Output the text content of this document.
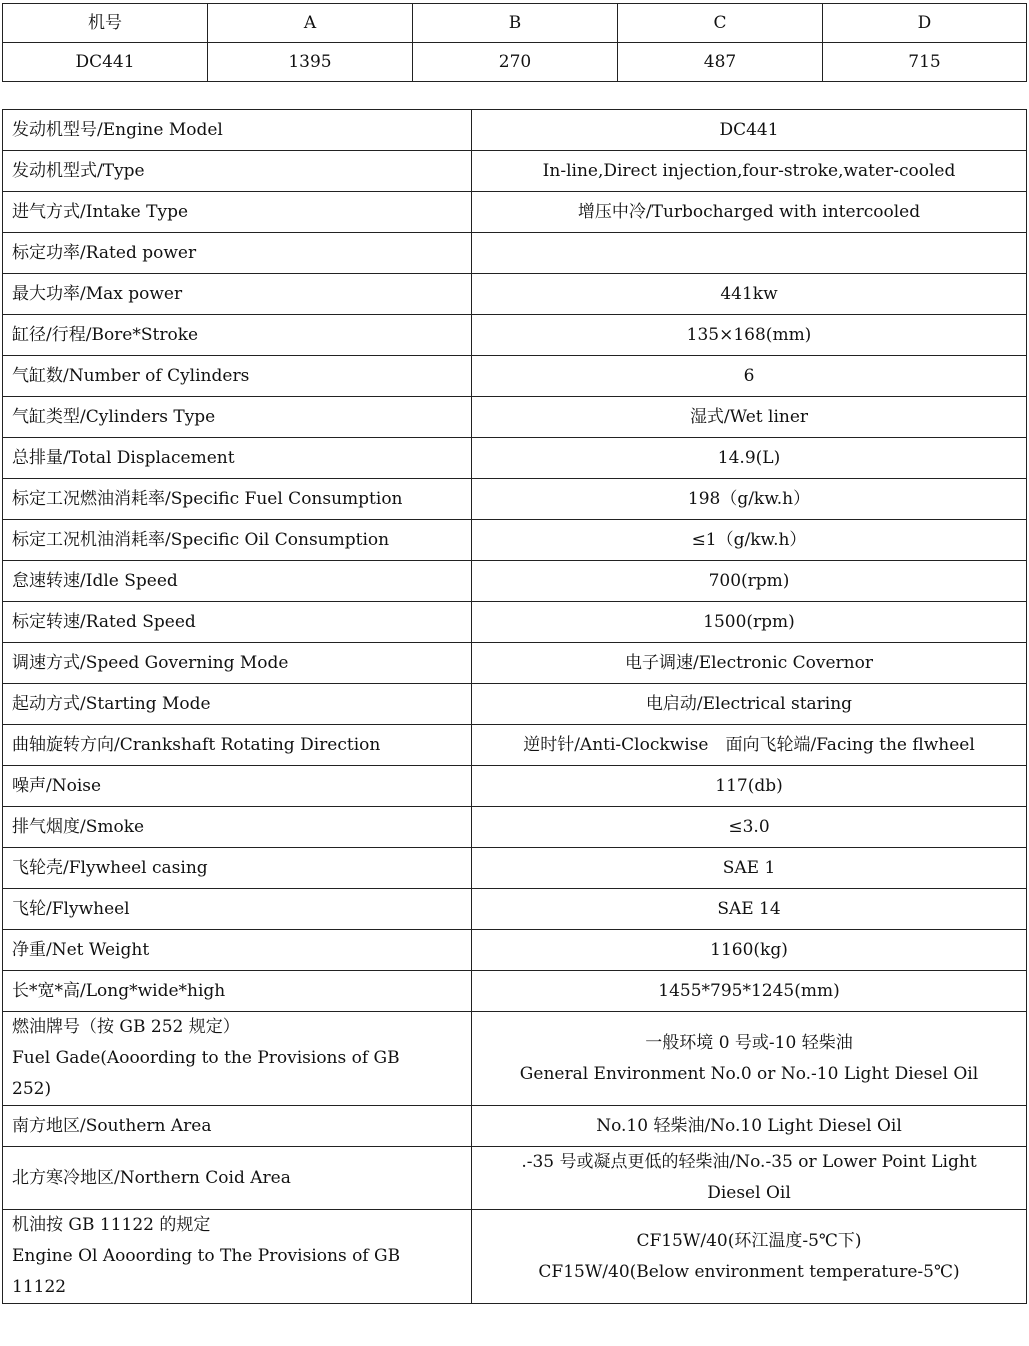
机号	A	B	C	D
DC441	1395	270	487	715
发动机型号/Engine Model	DC441
发动机型式/Type	In-line,Direct injection,four-stroke,water-cooled
进气方式/Intake Type	增压中冷/Turbocharged with intercooled
标定功率/Rated power	
最大功率/Max power	441kw
缸径/行程/Bore*Stroke	135×168(mm)
气缸数/Number of Cylinders	6
气缸类型/Cylinders Type	湿式/Wet liner
总排量/Total Displacement	14.9(L)
标定工况燃油消耗率/Specific Fuel Consumption	198（g/kw.h）
标定工况机油消耗率/Specific Oil Consumption	≤1（g/kw.h）
怠速转速/Idle Speed	700(rpm)
标定转速/Rated Speed	1500(rpm)
调速方式/Speed Governing Mode	电子调速/Electronic Covernor
起动方式/Starting Mode	电启动/Electrical staring
曲轴旋转方向/Crankshaft Rotating Direction	逆时针/Anti-Clockwise　面向飞轮端/Facing the flwheel
噪声/Noise	117(db)
排气烟度/Smoke	≤3.0
飞轮壳/Flywheel casing	SAE 1
飞轮/Flywheel	SAE 14
净重/Net Weight	1160(kg)
长*宽*高/Long*wide*high	1455*795*1245(mm)

燃油牌号（按 GB 252 规定）
Fuel Gade(Aooording to the Provisions of GB
252)	一般环境 0 号或-10 轻柴油
General Environment No.0 or No.-10 Light Diesel Oil

南方地区/Southern Area	No.10 轻柴油/No.10 Light Diesel Oil
北方寒冷地区/Northern Coid Area	.-35 号或凝点更低的轻柴油/No.-35 or Lower Point Light
Diesel Oil

机油按 GB 11122 的规定
Engine Ol Aooording to The Provisions of GB
11122	CF15W/40(环江温度-5℃下)
CF15W/40(Below environment temperature-5℃)
